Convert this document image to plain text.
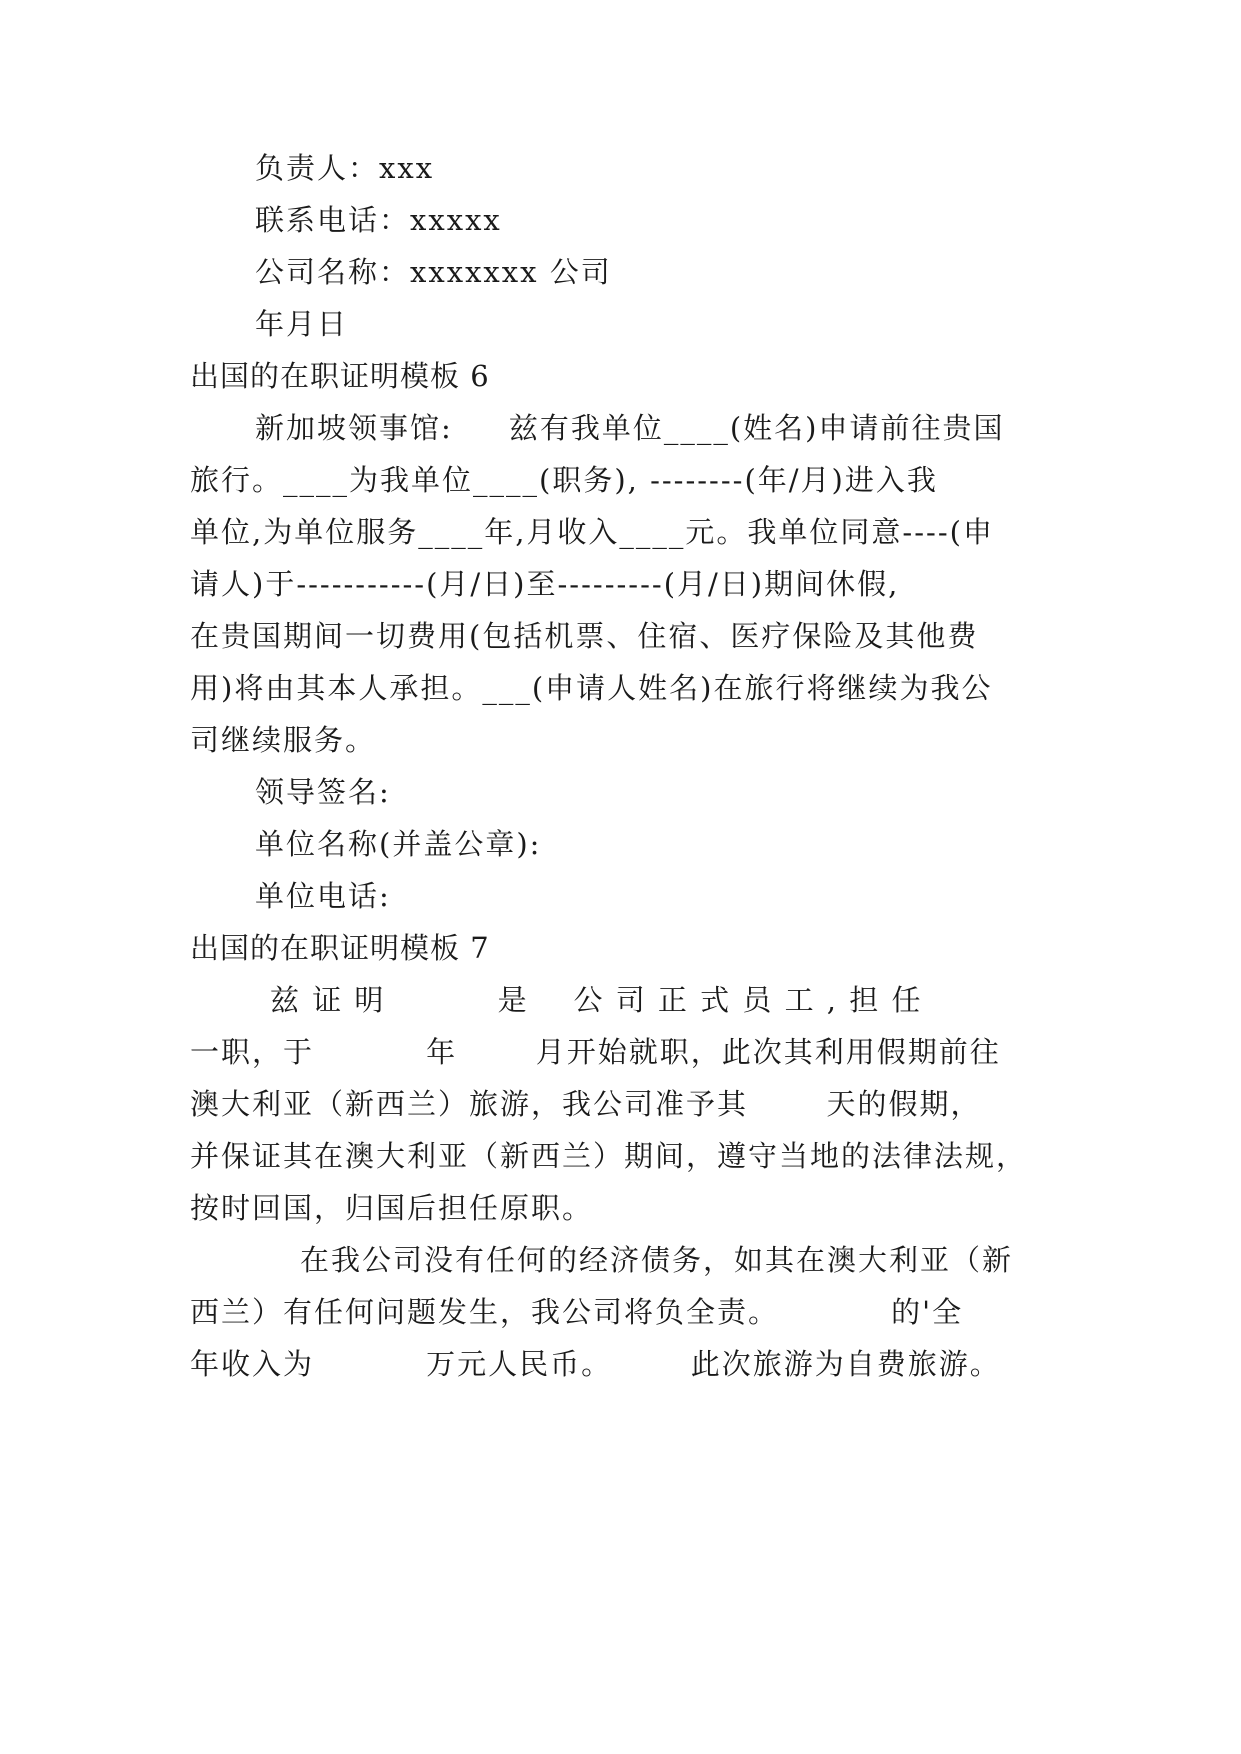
负责人：xxx
联系电话：xxxxx
公司名称：xxxxxxx 公司
年月日
出国的在职证明模板 6
新加坡领事馆:     兹有我单位____(姓名)申请前往贵国
旅行。____为我单位____(职务), --------(年/月)进入我
单位,为单位服务____年,月收入____元。我单位同意----(申
请人)于-----------(月/日)至---------(月/日)期间休假,
在贵国期间一切费用(包括机票、住宿、医疗保险及其他费
用)将由其本人承担。___(申请人姓名)在旅行将继续为我公
司继续服务。
领导签名:
单位名称(并盖公章):
单位电话:
出国的在职证明模板 7
兹 证 明          是    公 司 正 式 员 工 , 担 任
一职，于          年       月开始就职，此次其利用假期前往
澳大利亚（新西兰）旅游，我公司准予其       天的假期，
并保证其在澳大利亚（新西兰）期间，遵守当地的法律法规，
按时回国，归国后担任原职。
在我公司没有任何的经济债务，如其在澳大利亚（新
西兰）有任何问题发生，我公司将负全责。          的'全
年收入为          万元人民币。       此次旅游为自费旅游。
